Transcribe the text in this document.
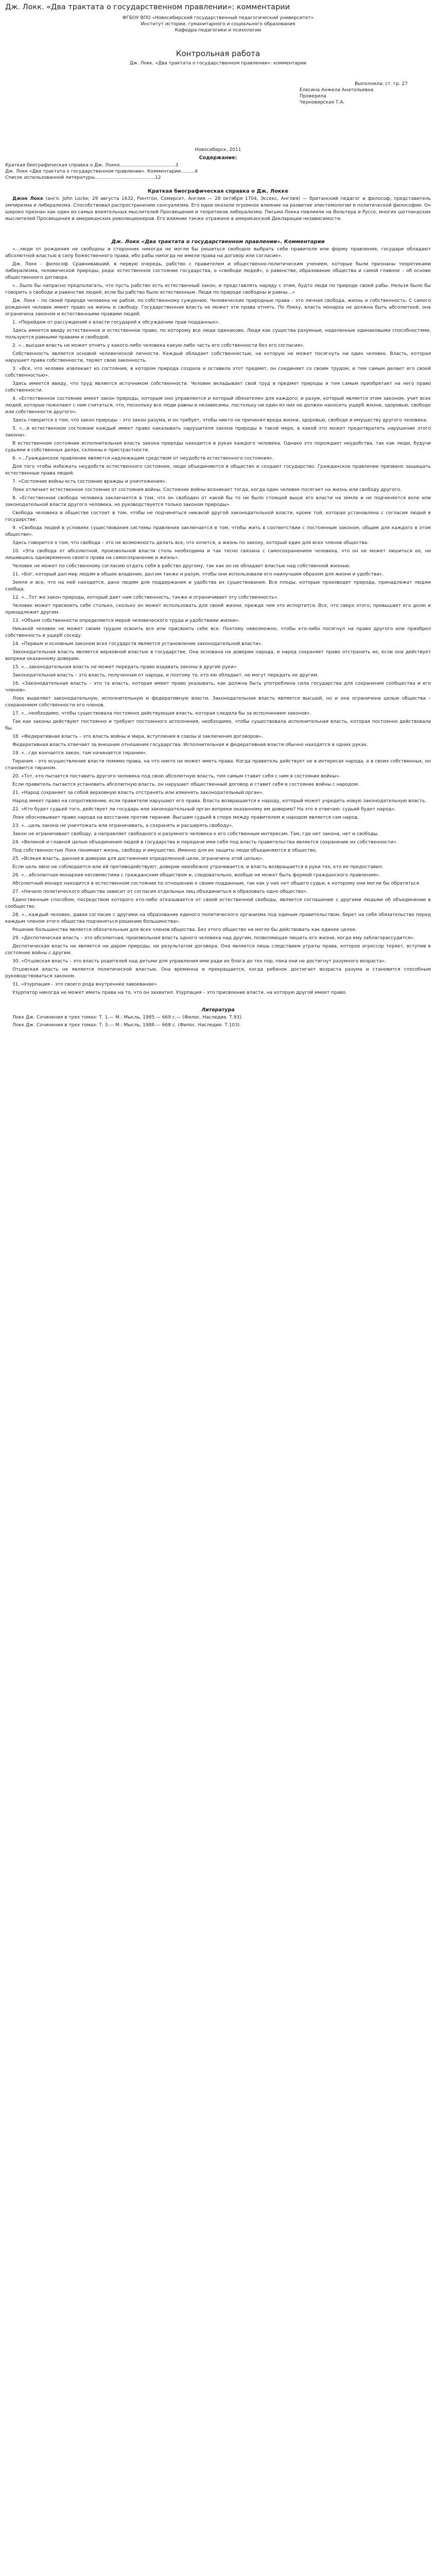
Дж. Локк. «Два трактата о государственном правлении»: комментарии

ФГБОУ ВПО «Новосибирский государственный педагогический университет»

Институт истории, гуманитарного и социального образования

Кафедра педагогики и психологии

Контрольная работа

Дж. Локк. «Два трактата о государственном правлении»: комментарии

Выполнила: ст. гр. 27
Елесина Анжела Анатольевна
Проверила
Черновирская Т.А.

Новосибирск, 2011

Содержание:

Краткая биографическая справка о Дж. Локке………………………………3

Дж. Локк «Два трактата о государственном правлении». Комментарии………4

Список использованной литературы…………………………………12

Краткая биографическая справка о Дж. Локке

Джон Локк (англ. John Locke; 29 августа 1632, Ринтгон, Сомерсет, Англия — 28 октября 1704, Эссекс, Англия) — британский педагог и философ, представитель эмпиризма и либерализма. Способствовал распространению сенсуализма. Его идеи оказали огромное влияние на развитие эпистемологии и политической философии. Он широко признан как один из самых влиятельных мыслителей Просвещения и теоретиков либерализма. Письма Локка повлияли на Вольтера и Руссо, многих шотландских мыслителей Просвещения и американских революционеров. Его влияние также отражено в американской Декларации независимости.

Дж. Локк «Два трактата о государственном правлении». Комментарии

«…люди от рождения не свободны и сторонник никогда не могли бы решиться свободно выбрать себе правителя или форму правления, государи обладают абсолютной властью в силу божественного права, ибо рабы никогда не имели права на договор или согласие».

Дж. Локк – философ. Сравнивавший, в первую очередь, рабство с правителем и общественно-политическим учением, которые были признаны теоретиками либерализма, человеческой природы, рода: естественное состояние государства, о «свободе людей», о равенстве, образование общества и самой главное – об основе общественного договора.

«…Было бы напрасно предполагать, что пусть рабство есть естественный закон, и представлять наряду с этим, будто люди по природе своей рабы. Нельзя было бы говорить о свободе и равенстве людей, если бы рабство было естественным. Люди по природе свободны и равны…»

Дж. Локк – по своей природе человека не рабом, по собственному суждению. Человеческие природные права – это личная свобода, жизнь и собственность. С самого рождения человек имеет право на жизнь и свободу. Государственная власть не может эти права отнять. По Локку, власть монарха не должна быть абсолютной, она ограничена законом и естественными правами людей.

1. «Перейдем от рассуждений о власти государей к обсуждению прав подданных».

Здесь имеется ввиду естественное и естественное право, по которому все люди одинаково. Люди как существа разумные, наделенные одинаковыми способностями, пользуются равными правами и свободой.

2. «…высшая власть не может отнять у какого-либо человека какую-либо часть его собственности без его согласия».

Собственность является основой человеческой личности. Каждый обладает собственностью, на которую не может посягнуть ни один человек. Власть, которая нарушает права собственности, теряет свою законность.

3. «Все, что человек извлекает из состояния, в котором природа создала и оставила этот предмет, он соединяет со своим трудом, и тем самым делает его своей собственностью».

Здесь имеется ввиду, что труд является источником собственности. Человек вкладывает свой труд в предмет природы и тем самым приобретает на него право собственности.

4. «Естественное состояние имеет закон природы, которым оно управляется и который обязателен для каждого; и разум, который является этим законом, учит всех людей, которые пожелают с ним считаться, что, поскольку все люди равны и независимы, постольку ни один из них не должен наносить ущерб жизни, здоровью, свободе или собственности другого».

Здесь говорится о том, что закон природы – это закон разума, и он требует, чтобы никто не причинял вреда жизни, здоровью, свободе и имуществу другого человека.

5. «…в естественном состоянии каждый имеет право наказывать нарушителя закона природы в такой мере, в какой это может предотвратить нарушение этого закона».

В естественном состоянии исполнительная власть закона природы находится в руках каждого человека. Однако это порождает неудобства, так как люди, будучи судьями в собственных делах, склонны к пристрастности.

6. «…Гражданское правление является надлежащим средством от неудобств естественного состояния».

Для того чтобы избежать неудобств естественного состояния, люди объединяются в общество и создают государство. Гражданское правление призвано защищать естественные права людей.

7. «Состояние войны есть состояние вражды и уничтожения».

Локк отличает естественное состояние от состояния войны. Состояние войны возникает тогда, когда один человек посягает на жизнь или свободу другого.

8. «Естественная свобода человека заключается в том, что он свободен от какой бы то ни было стоящей выше его власти на земле и не подчиняется воле или законодательной власти другого человека, но руководствуется только законом природы».

Свобода человека в обществе состоит в том, чтобы не подчиняться никакой другой законодательной власти, кроме той, которая установлена с согласия людей в государстве.

9. «Свобода людей в условиях существования системы правления заключается в том, чтобы жить в соответствии с постоянным законом, общим для каждого в этом обществе».

Здесь говорится о том, что свобода – это не возможность делать все, что хочется, а жизнь по закону, который един для всех членов общества.

10. «Эта свобода от абсолютной, произвольной власти столь необходима и так тесно связана с самосохранением человека, что он не может лишиться ее, не лишившись одновременно своего права на самосохранение и жизнь».

Человек не может по собственному согласию отдать себя в рабство другому, так как он не обладает властью над собственной жизнью.

11. «Бог, который дал мир людям в общее владение, дал им также и разум, чтобы они использовали его наилучшим образом для жизни и удобства».

Земля и все, что на ней находится, дано людям для поддержания и удобства их существования. Все плоды, которые производит природа, принадлежат людям сообща.

12. «…Тот же закон природы, который дает нам собственность, также и ограничивает эту собственность».

Человек может присвоить себе столько, сколько он может использовать для своей жизни, прежде чем это испортится. Все, что сверх этого, превышает его долю и принадлежит другим.

13. «Объем собственности определяется мерой человеческого труда и удобствами жизни».

Никакой человек не может своим трудом освоить все или присвоить себе все. Поэтому невозможно, чтобы кто-либо посягнул на право другого или приобрел собственность в ущерб соседу.

14. «Первым и основным законом всех государств является установление законодательной власти».

Законодательная власть является верховной властью в государстве. Она основана на доверии народа, и народ сохраняет право отстранить ее, если она действует вопреки оказанному доверию.

15. «…законодательная власть не может передать право издавать законы в другие руки».

Законодательная власть – это власть, полученная от народа, и поэтому те, кто ею обладает, не могут передать ее другим.

16. «Законодательная власть – это та власть, которая имеет право указывать, как должна быть употреблена сила государства для сохранения сообщества и его членов».

Локк выделяет законодательную, исполнительную и федеративную власти. Законодательная власть является высшей, но и она ограничена целью общества – сохранением собственности его членов.

17. «…необходимо, чтобы существовала постоянно действующая власть, которая следила бы за исполнением законов».

Так как законы действуют постоянно и требуют постоянного исполнения, необходимо, чтобы существовала исполнительная власть, которая постоянно действовала бы.

18. «Федеративная власть – это власть войны и мира, вступления в союзы и заключения договоров».

Федеративная власть отвечает за внешние отношения государства. Исполнительная и федеративная власти обычно находятся в одних руках.

19. «…где кончается закон, там начинается тирания».

Тирания – это осуществление власти помимо права, на что никто не может иметь права. Когда правитель действует не в интересах народа, а в своих собственных, он становится тираном.

20. «Тот, кто пытается поставить другого человека под свою абсолютную власть, тем самым ставит себя с ним в состояние войны».

Если правитель пытается установить абсолютную власть, он нарушает общественный договор и ставит себя в состояние войны с народом.

21. «Народ сохраняет за собой верховную власть отстранять или изменять законодательный орган».

Народ имеет право на сопротивление, если правители нарушают его права. Власть возвращается к народу, который может учредить новую законодательную власть.

22. «Кто будет судьей того, действует ли государь или законодательный орган вопреки оказанному им доверию? На это я отвечаю: судьей будет народ».

Локк обосновывает право народа на восстание против тирании. Высшим судьей в споре между правителем и народом является сам народ.

23. «…цель закона не уничтожать или ограничивать, а сохранять и расширять свободу».

Закон не ограничивает свободу, а направляет свободного и разумного человека к его собственным интересам. Там, где нет закона, нет и свободы.

24. «Великой и главной целью объединения людей в государства и передачи ими себя под власть правительства является сохранение их собственности».

Под собственностью Локк понимает жизнь, свободу и имущество. Именно для их защиты люди объединяются в общество.

25. «Всякая власть, данная в доверии для достижения определенной цели, ограничена этой целью».

Если цель явно не соблюдается или ей противодействуют, доверие неизбежно утрачивается, и власть возвращается в руки тех, кто ее предоставил.

26. «…абсолютная монархия несовместима с гражданским обществом и, следовательно, вообще не может быть формой гражданского правления».

Абсолютный монарх находится в естественном состоянии по отношению к своим подданным, так как у них нет общего судьи, к которому они могли бы обратиться.

27. «Начало политического общества зависит от согласия отдельных лиц объединиться и образовать одно общество».

Единственным способом, посредством которого кто-либо отказывается от своей естественной свободы, является соглашение с другими людьми об объединении в сообщество.

28. «…каждый человек, давая согласие с другими на образование единого политического организма под единым правительством, берет на себя обязательство перед каждым членом этого общества подчиняться решению большинства».

Решение большинства является обязательным для всех членов общества. Без этого общество не могло бы действовать как единое целое.

29. «Деспотическая власть – это абсолютная, произвольная власть одного человека над другим, позволяющая лишить его жизни, когда ему заблагорассудится».

Деспотическая власть не является ни даром природы, ни результатом договора. Она является лишь следствием утраты права, которое агрессор теряет, вступив в состояние войны с другим.

30. «Отцовская власть – это власть родителей над детьми для управления ими ради их блага до тех пор, пока они не достигнут разумного возраста».

Отцовская власть не является политической властью. Она временна и прекращается, когда ребенок достигает возраста разума и становится способным руководствоваться законом.

31. «Узурпация – это своего рода внутреннее завоевание».

Узурпатор никогда не может иметь права на то, что он захватил. Узурпация – это присвоение власти, на которую другой имеет право.

Литература

Локк Дж. Сочинения в трех томах: Т. 1.— М.: Мысль, 1985.— 669 с.— (Филос. Наследие. Т.93).

Локк Дж. Сочинения в трех томах: Т. 3.— М.: Мысль, 1988.— 668 с. (Филос. Наследие. Т.103).
